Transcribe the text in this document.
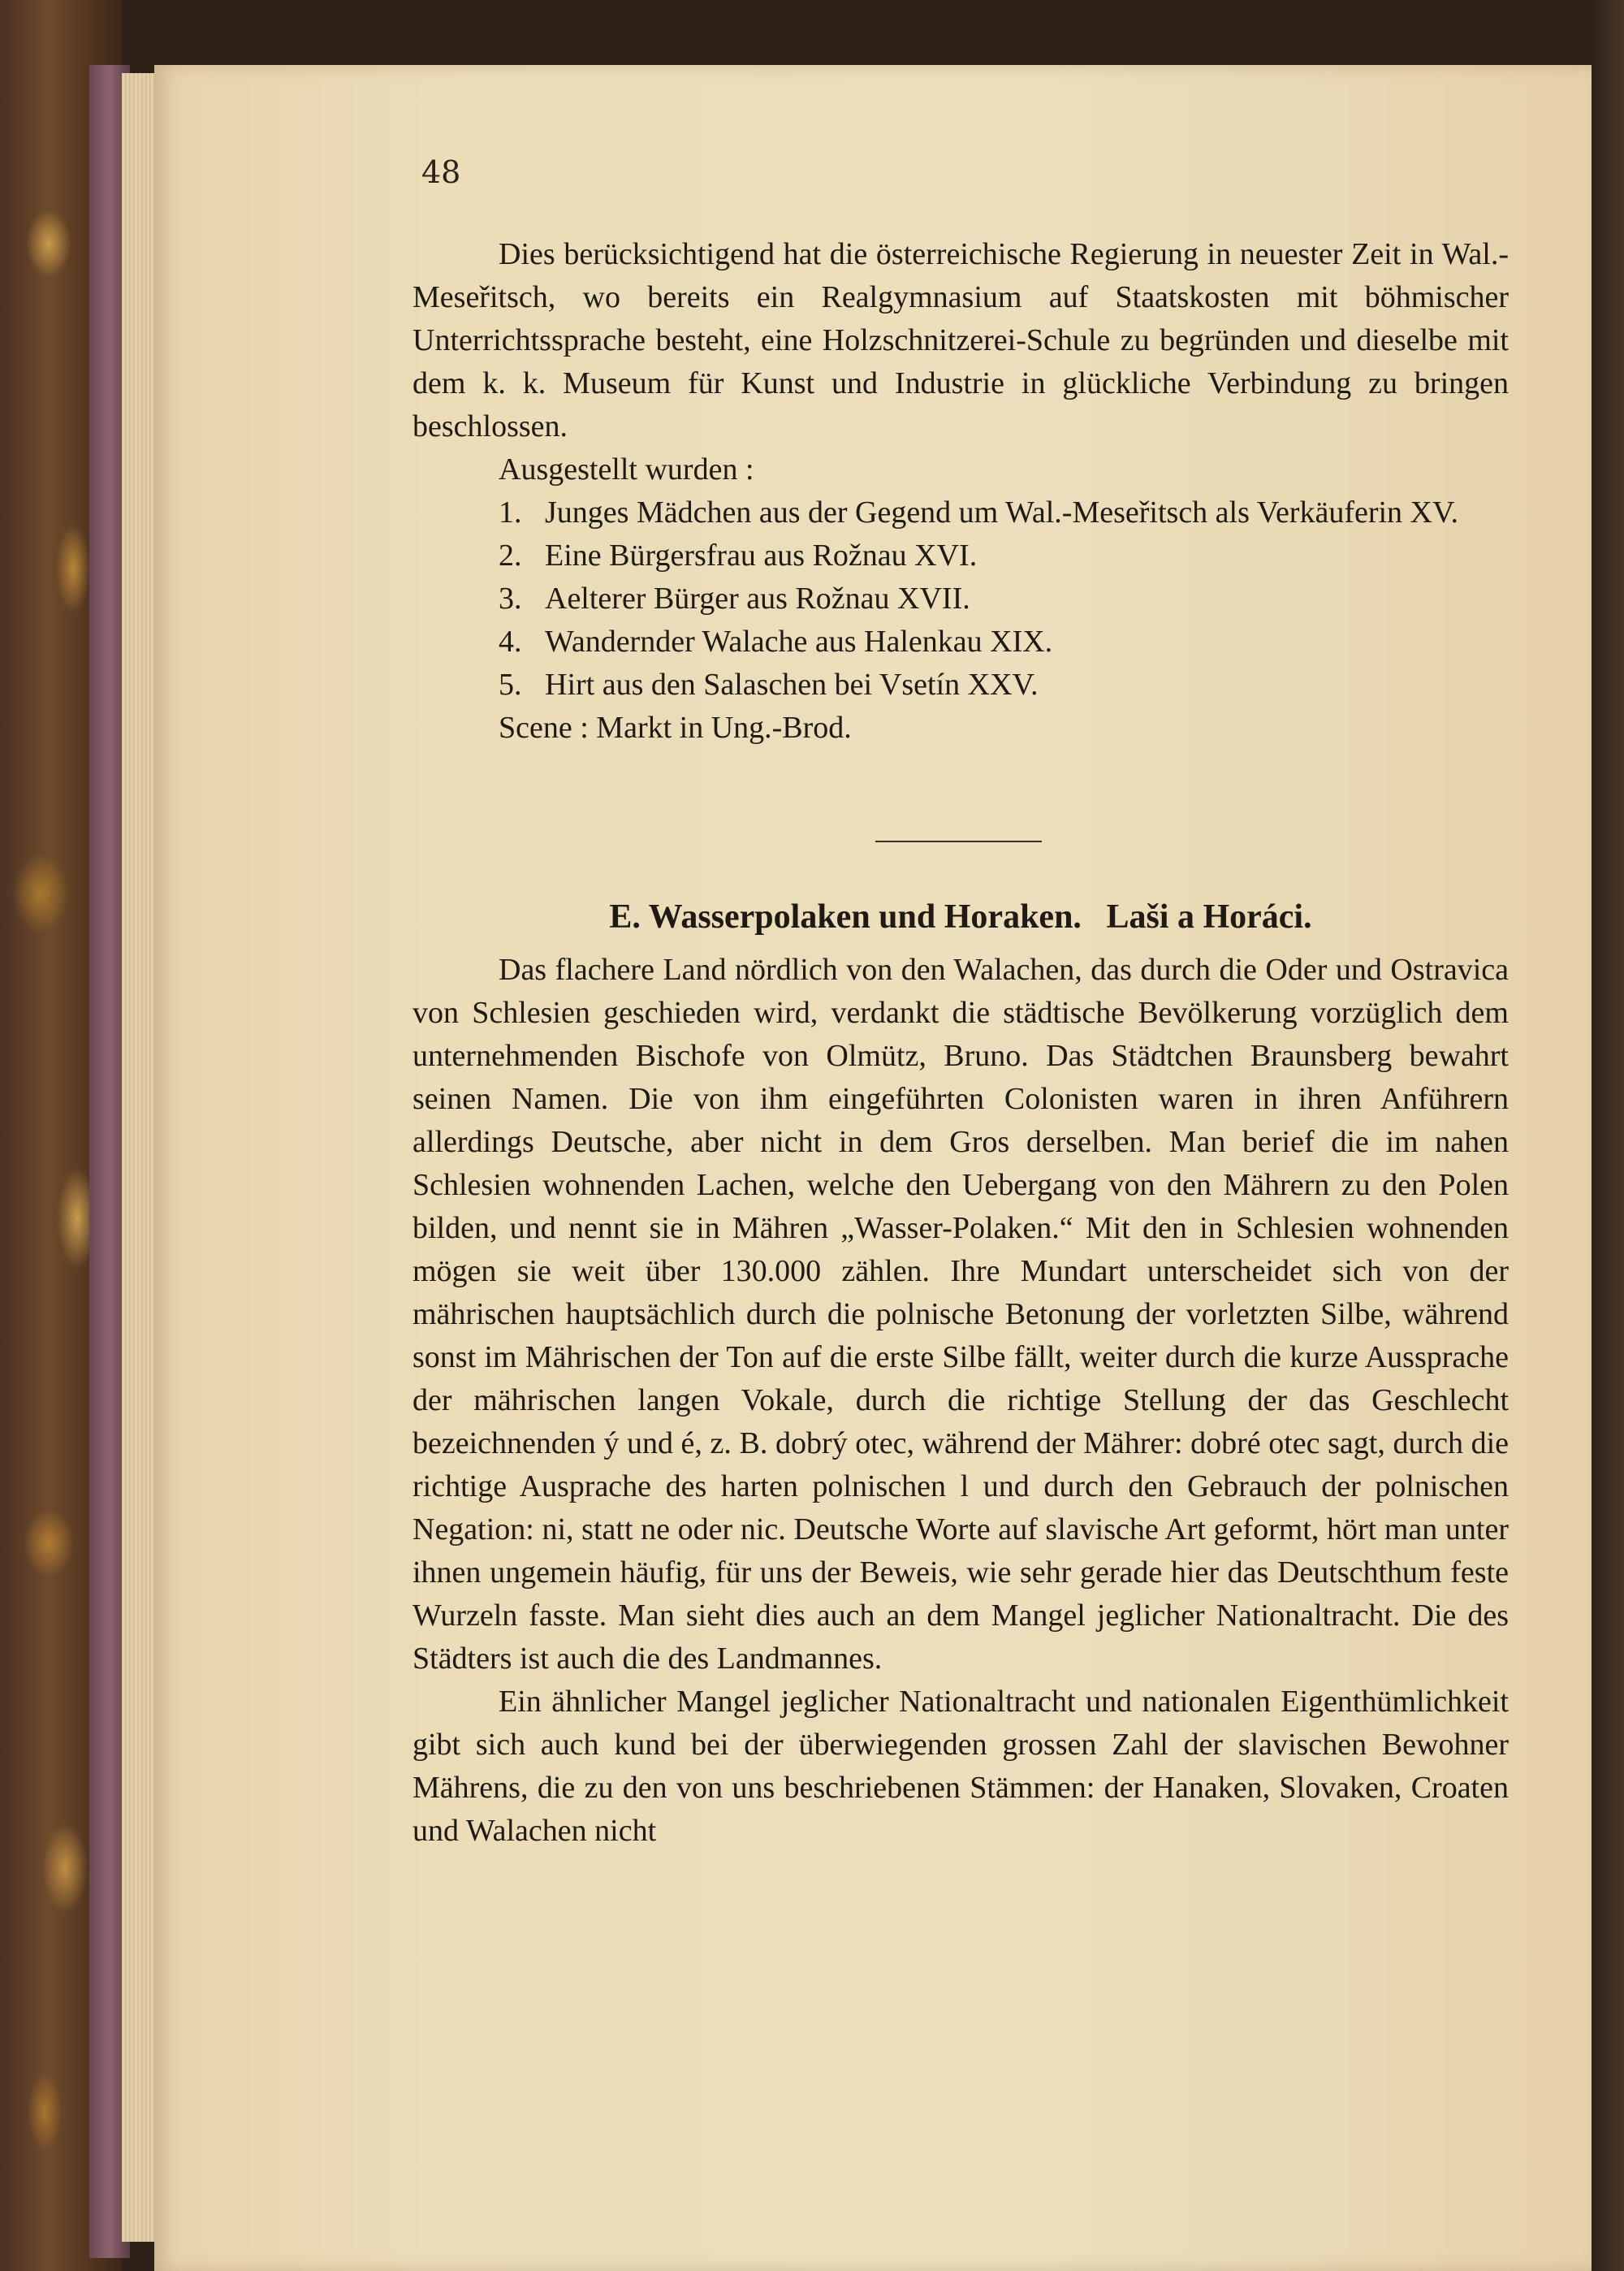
48

Dies berücksichtigend hat die österreichische Regierung in neuester Zeit in Wal.-Meseřitsch, wo bereits ein Realgymnasium auf Staatskosten mit böhmischer Unterrichtssprache besteht, eine Holzschnitzerei-Schule zu begründen und dieselbe mit dem k. k. Museum für Kunst und Industrie in glückliche Verbindung zu bringen beschlossen.

Ausgestellt wurden :

1. Junges Mädchen aus der Gegend um Wal.-Meseřitsch als Verkäuferin XV.
2. Eine Bürgersfrau aus Rožnau XVI.
3. Aelterer Bürger aus Rožnau XVII.
4. Wandernder Walache aus Halenkau XIX.
5. Hirt aus den Salaschen bei Vsetín XXV.

Scene : Markt in Ung.-Brod.

E. Wasserpolaken und Horaken. Laši a Horáci.

Das flachere Land nördlich von den Walachen, das durch die Oder und Ostravica von Schlesien geschieden wird, verdankt die städtische Bevölkerung vorzüglich dem unternehmenden Bischofe von Olmütz, Bruno. Das Städtchen Braunsberg bewahrt seinen Namen. Die von ihm eingeführten Colonisten waren in ihren Anführern allerdings Deutsche, aber nicht in dem Gros derselben. Man berief die im nahen Schlesien wohnenden Lachen, welche den Uebergang von den Mährern zu den Polen bilden, und nennt sie in Mähren „Wasser-Polaken.“ Mit den in Schlesien wohnenden mögen sie weit über 130.000 zählen. Ihre Mundart unterscheidet sich von der mährischen hauptsächlich durch die polnische Betonung der vorletzten Silbe, während sonst im Mährischen der Ton auf die erste Silbe fällt, weiter durch die kurze Aussprache der mährischen langen Vokale, durch die richtige Stellung der das Geschlecht bezeichnenden ý und é, z. B. dobrý otec, während der Mährer: dobré otec sagt, durch die richtige Ausprache des harten polnischen l und durch den Gebrauch der polnischen Negation: ni, statt ne oder nic. Deutsche Worte auf slavische Art geformt, hört man unter ihnen ungemein häufig, für uns der Beweis, wie sehr gerade hier das Deutschthum feste Wurzeln fasste. Man sieht dies auch an dem Mangel jeglicher Nationaltracht. Die des Städters ist auch die des Landmannes.

Ein ähnlicher Mangel jeglicher Nationaltracht und nationalen Eigenthümlichkeit gibt sich auch kund bei der überwiegenden grossen Zahl der slavischen Bewohner Mährens, die zu den von uns beschriebenen Stämmen: der Hanaken, Slovaken, Croaten und Walachen nicht
